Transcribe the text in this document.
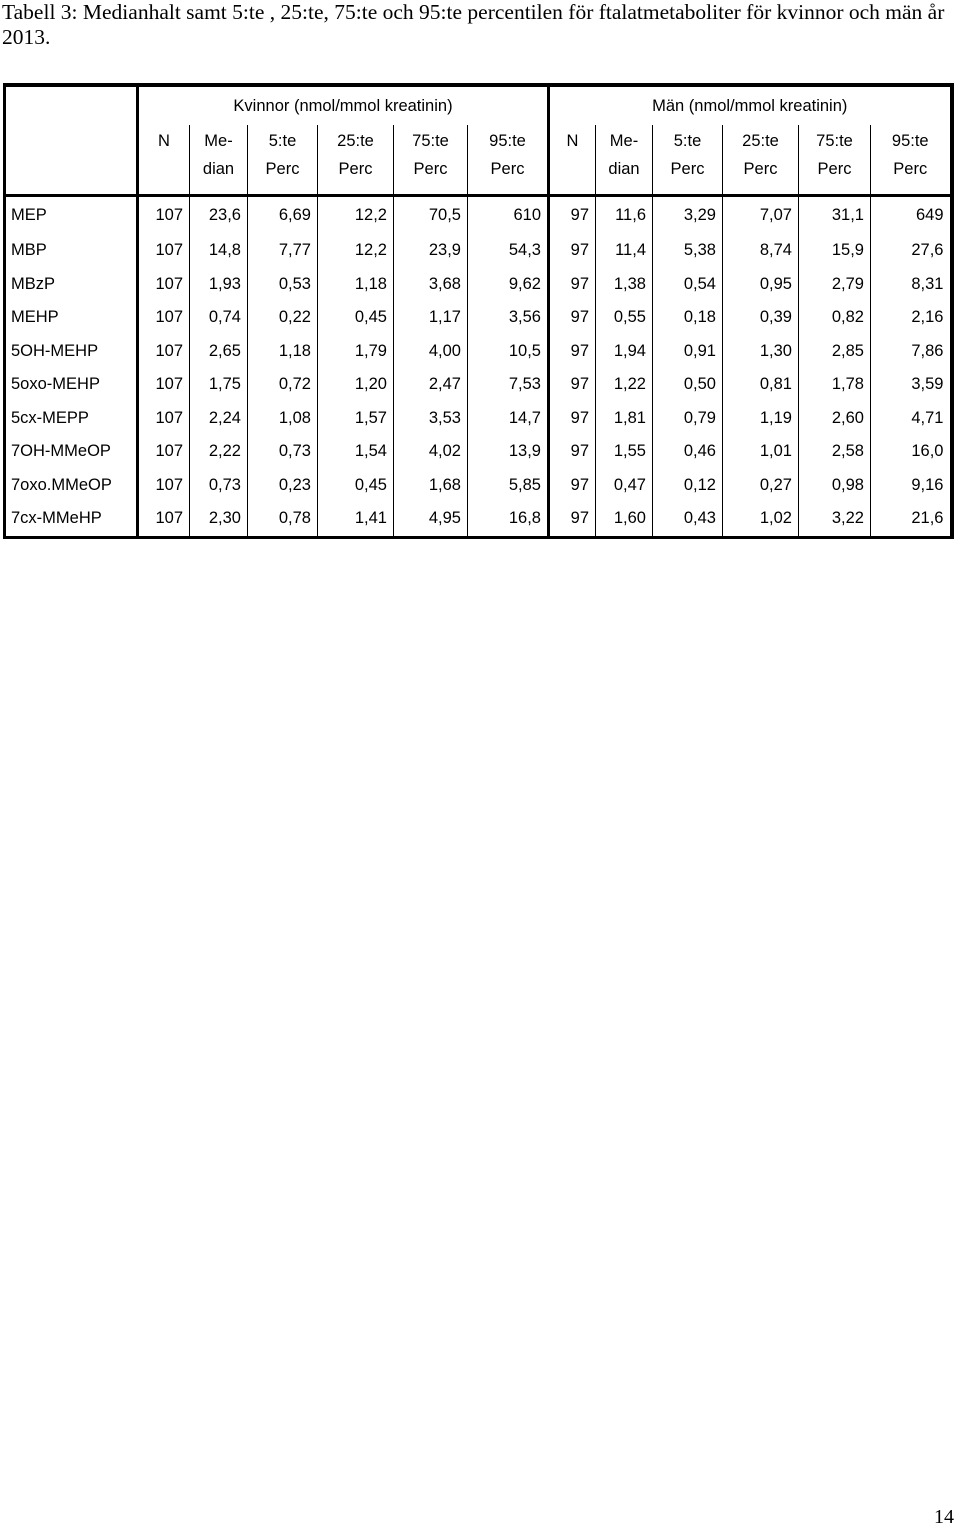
Tabell 3: Medianhalt samt 5:te , 25:te, 75:te och 95:te percentilen för ftalatmetaboliter för kvinnor och män år 2013.
	Kvinnor (nmol/mmol kreatinin)						Män (nmol/mmol kreatinin)					
	N	Me-	5:te	25:te	75:te	95:te	N	Me-	5:te	25:te	75:te	95:te
		dian	Perc	Perc	Perc	Perc		dian	Perc	Perc	Perc	Perc
MEP	107	23,6	6,69	12,2	70,5	610	97	11,6	3,29	7,07	31,1	649
MBP	107	14,8	7,77	12,2	23,9	54,3	97	11,4	5,38	8,74	15,9	27,6
MBzP	107	1,93	0,53	1,18	3,68	9,62	97	1,38	0,54	0,95	2,79	8,31
MEHP	107	0,74	0,22	0,45	1,17	3,56	97	0,55	0,18	0,39	0,82	2,16
5OH-MEHP	107	2,65	1,18	1,79	4,00	10,5	97	1,94	0,91	1,30	2,85	7,86
5oxo-MEHP	107	1,75	0,72	1,20	2,47	7,53	97	1,22	0,50	0,81	1,78	3,59
5cx-MEPP	107	2,24	1,08	1,57	3,53	14,7	97	1,81	0,79	1,19	2,60	4,71
7OH-MMeOP	107	2,22	0,73	1,54	4,02	13,9	97	1,55	0,46	1,01	2,58	16,0
7oxo.MMeOP	107	0,73	0,23	0,45	1,68	5,85	97	0,47	0,12	0,27	0,98	9,16
7cx-MMeHP	107	2,30	0,78	1,41	4,95	16,8	97	1,60	0,43	1,02	3,22	21,6
14
